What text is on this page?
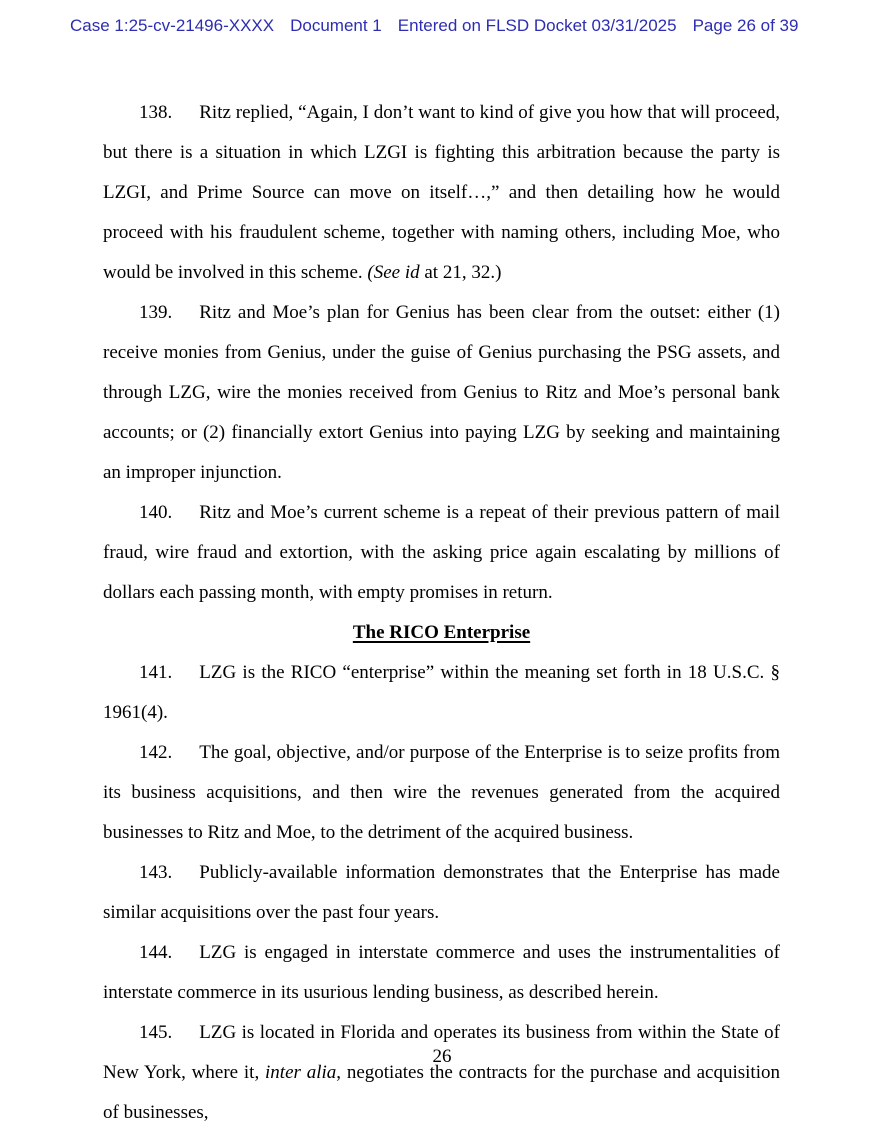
Case 1:25-cv-21496-XXXX Document 1 Entered on FLSD Docket 03/31/2025 Page 26 of 39

138. Ritz replied, “Again, I don’t want to kind of give you how that will proceed, but there is a situation in which LZGI is fighting this arbitration because the party is LZGI, and Prime Source can move on itself…,” and then detailing how he would proceed with his fraudulent scheme, together with naming others, including Moe, who would be involved in this scheme. (See id at 21, 32.)

139. Ritz and Moe’s plan for Genius has been clear from the outset: either (1) receive monies from Genius, under the guise of Genius purchasing the PSG assets, and through LZG, wire the monies received from Genius to Ritz and Moe’s personal bank accounts; or (2) financially extort Genius into paying LZG by seeking and maintaining an improper injunction.

140. Ritz and Moe’s current scheme is a repeat of their previous pattern of mail fraud, wire fraud and extortion, with the asking price again escalating by millions of dollars each passing month, with empty promises in return.

The RICO Enterprise

141. LZG is the RICO “enterprise” within the meaning set forth in 18 U.S.C. § 1961(4).

142. The goal, objective, and/or purpose of the Enterprise is to seize profits from its business acquisitions, and then wire the revenues generated from the acquired businesses to Ritz and Moe, to the detriment of the acquired business.

143. Publicly-available information demonstrates that the Enterprise has made similar acquisitions over the past four years.

144. LZG is engaged in interstate commerce and uses the instrumentalities of interstate commerce in its usurious lending business, as described herein.

145. LZG is located in Florida and operates its business from within the State of New York, where it, inter alia, negotiates the contracts for the purchase and acquisition of businesses,

26
